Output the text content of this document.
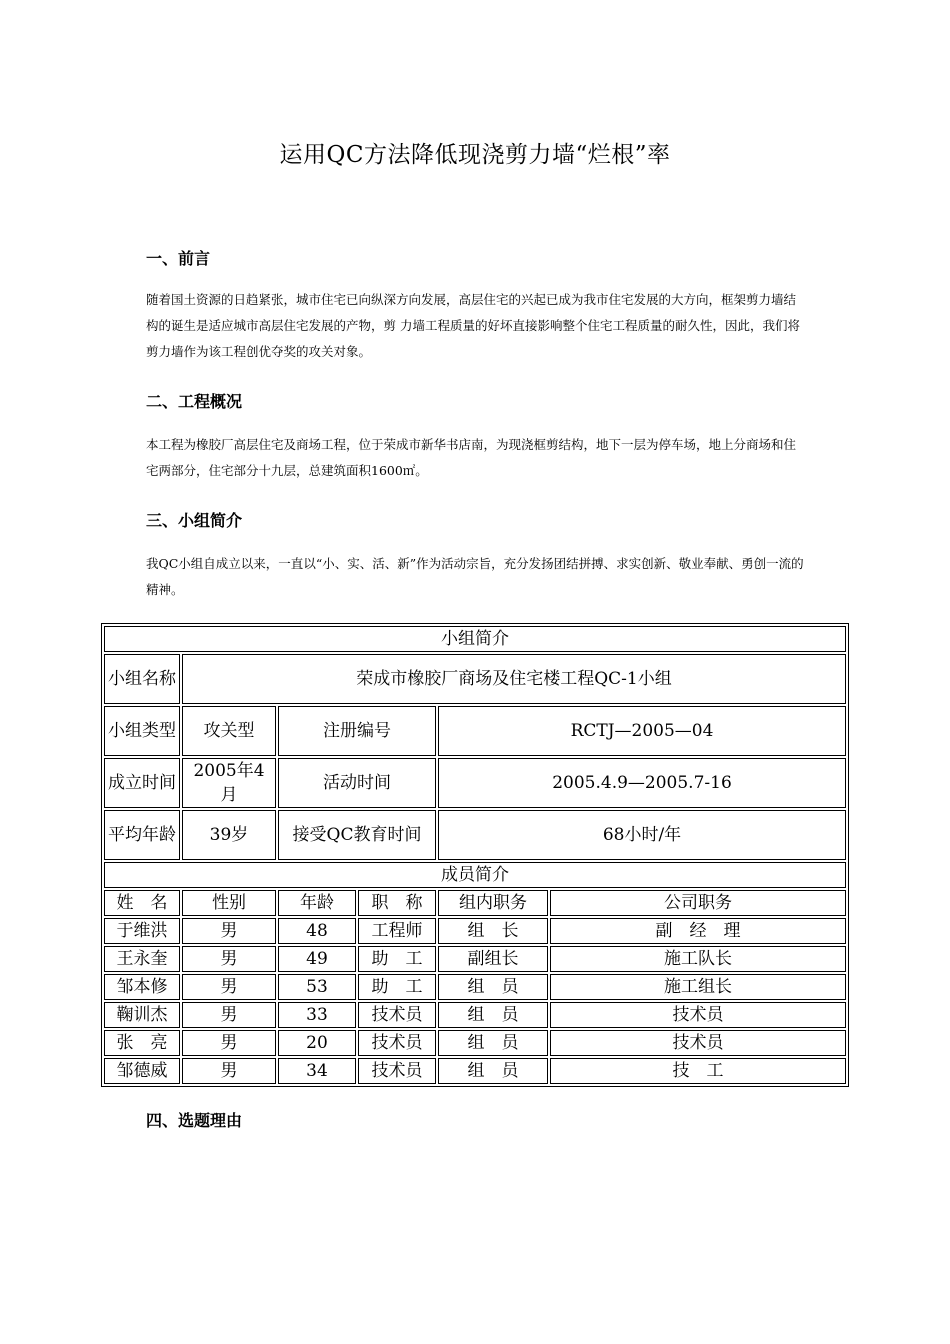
运用QC方法降低现浇剪力墙“烂根”率
一、前言
随着国土资源的日趋紧张，城市住宅已向纵深方向发展，高层住宅的兴起已成为我市住宅发展的大方向，框架剪力墙结构的诞生是适应城市高层住宅发展的产物，剪 力墙工程质量的好坏直接影响整个住宅工程质量的耐久性，因此，我们将剪力墙作为该工程创优夺奖的攻关对象。
二、工程概况
本工程为橡胶厂高层住宅及商场工程，位于荣成市新华书店南，为现浇框剪结构，地下一层为停车场，地上分商场和住宅两部分，住宅部分十九层，总建筑面积1600㎡。
三、小组简介
我QC小组自成立以来，一直以“小、实、活、新”作为活动宗旨，充分发扬团结拼搏、求实创新、敬业奉献、勇创一流的精神。
小组简介					
小组名称	荣成市橡胶厂商场及住宅楼工程QC-1小组				
小组类型	攻关型	注册编号		RCTJ—2005—04	
成立时间	2005年4月	活动时间		2005.4.9—2005.7-16	
平均年龄	39岁	接受QC教育时间		68小时/年	
成员简介					
姓　名	性别	年龄	职　称	组内职务	公司职务
于维洪	男	48	工程师	组　长	副　经　理
王永奎	男	49	助　工	副组长	施工队长
邹本修	男	53	助　工	组　员	施工组长
鞠训杰	男	33	技术员	组　员	技术员
张　亮	男	20	技术员	组　员	技术员
邹德威	男	34	技术员	组　员	技　工
四、选题理由
